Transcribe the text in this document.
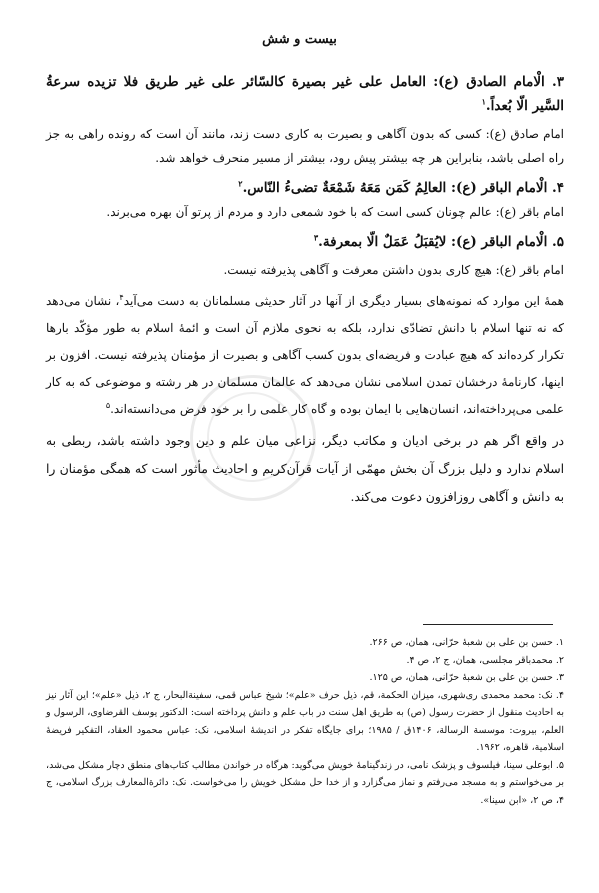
بیست و شش

۳. الْامام الصادق (ع): العامل علی غیر بصیرة کالسّائر علی غیر طریق فلا تزیده سرعةُ السَّیر الّا بُعداً.$^۱$

امام صادق (ع): کسی که بدون آگاهی و بصیرت به کاری دست زند، مانند آن است که رونده راهی به جز راه اصلی باشد، بنابراین هر چه بیشتر پیش رود، بیشتر از مسیر منحرف خواهد شد.

۴. الْامام الباقر (ع): العالِمُ کَمَن مَعَهُ شَمْعَةٌ تضیءُ النّاس.$^۲$

امام باقر (ع): عالم چونان کسی است که با خود شمعی دارد و مردم از پرتو آن بهره می‌برند.

۵. الْامام الباقر (ع): لایُقبَلُ عَمَلٌ الّا بمعرفة.$^۳$

امام باقر (ع): هیچ کاری بدون داشتن معرفت و آگاهی پذیرفته نیست.

همهٔ این موارد که نمونه‌های بسیار دیگری از آنها در آثار حدیثی مسلمانان به دست می‌آید$^۴$، نشان می‌دهد که نه تنها اسلام با دانش تضادّی ندارد، بلکه به نحوی ملازم آن است و ائمهٔ اسلام به طور مؤکّد بارها تکرار کرده‌اند که هیچ عبادت و فریضه‌ای بدون کسب آگاهی و بصیرت از مؤمنان پذیرفته نیست. افزون بر اینها، کارنامهٔ درخشان تمدن اسلامی نشان می‌دهد که عالمان مسلمان در هر رشته و موضوعی که به کار علمی می‌پرداخته‌اند، انسان‌هایی با ایمان بوده و گاه کار علمی را بر خود فرض می‌دانسته‌اند.$^۵$

در واقع اگر هم در برخی ادیان و مکاتب دیگر، نزاعی میان علم و دین وجود داشته باشد، ربطی به اسلام ندارد و دلیل بزرگ آن بخش مهمّی از آیات قرآن‌کریم و احادیث مأثور است که همگی مؤمنان را به دانش و آگاهی روزافزون دعوت می‌کند.

۱. حسن بن علی بن شعبهٔ حرّانی، همان، ص ۲۶۶.

۲. محمدباقر مجلسی، همان، ج ۲، ص ۴.

۳. حسن بن علی بن شعبهٔ حرّانی، همان، ص ۱۲۵.

۴. نک: محمد محمدی ری‌شهری، میزان الحکمة، قم، ذیل حرف «علم»؛ شیخ عباس قمی، سفینةالبحار، ج ۲، ذیل «علم»؛ این آثار نیز به احادیث منقول از حضرت رسول (ص) به طریق اهل سنت در باب علم و دانش پرداخته است: الدکتور یوسف القرضاوی، الرسول و العلم، بیروت: موسسة الرسالة، ۱۴۰۶ق / ۱۹۸۵؛ برای جایگاه تفکر در اندیشهٔ اسلامی، نک: عباس محمود العقاد، التفکیر فریضهٔ اسلامیة، قاهره، ۱۹۶۲.

۵. ابوعلی سینا، فیلسوف و پزشک نامی، در زندگینامهٔ خویش می‌گوید: هرگاه در خواندن مطالب کتاب‌های منطق دچار مشکل می‌شد، بر می‌خواستم و به مسجد می‌رفتم و نماز می‌گزارد و از خدا حل مشکل خویش را می‌خواست. نک: دائرةالمعارف بزرگ اسلامی، ج ۴، ص ۲، «ابن سینا».
